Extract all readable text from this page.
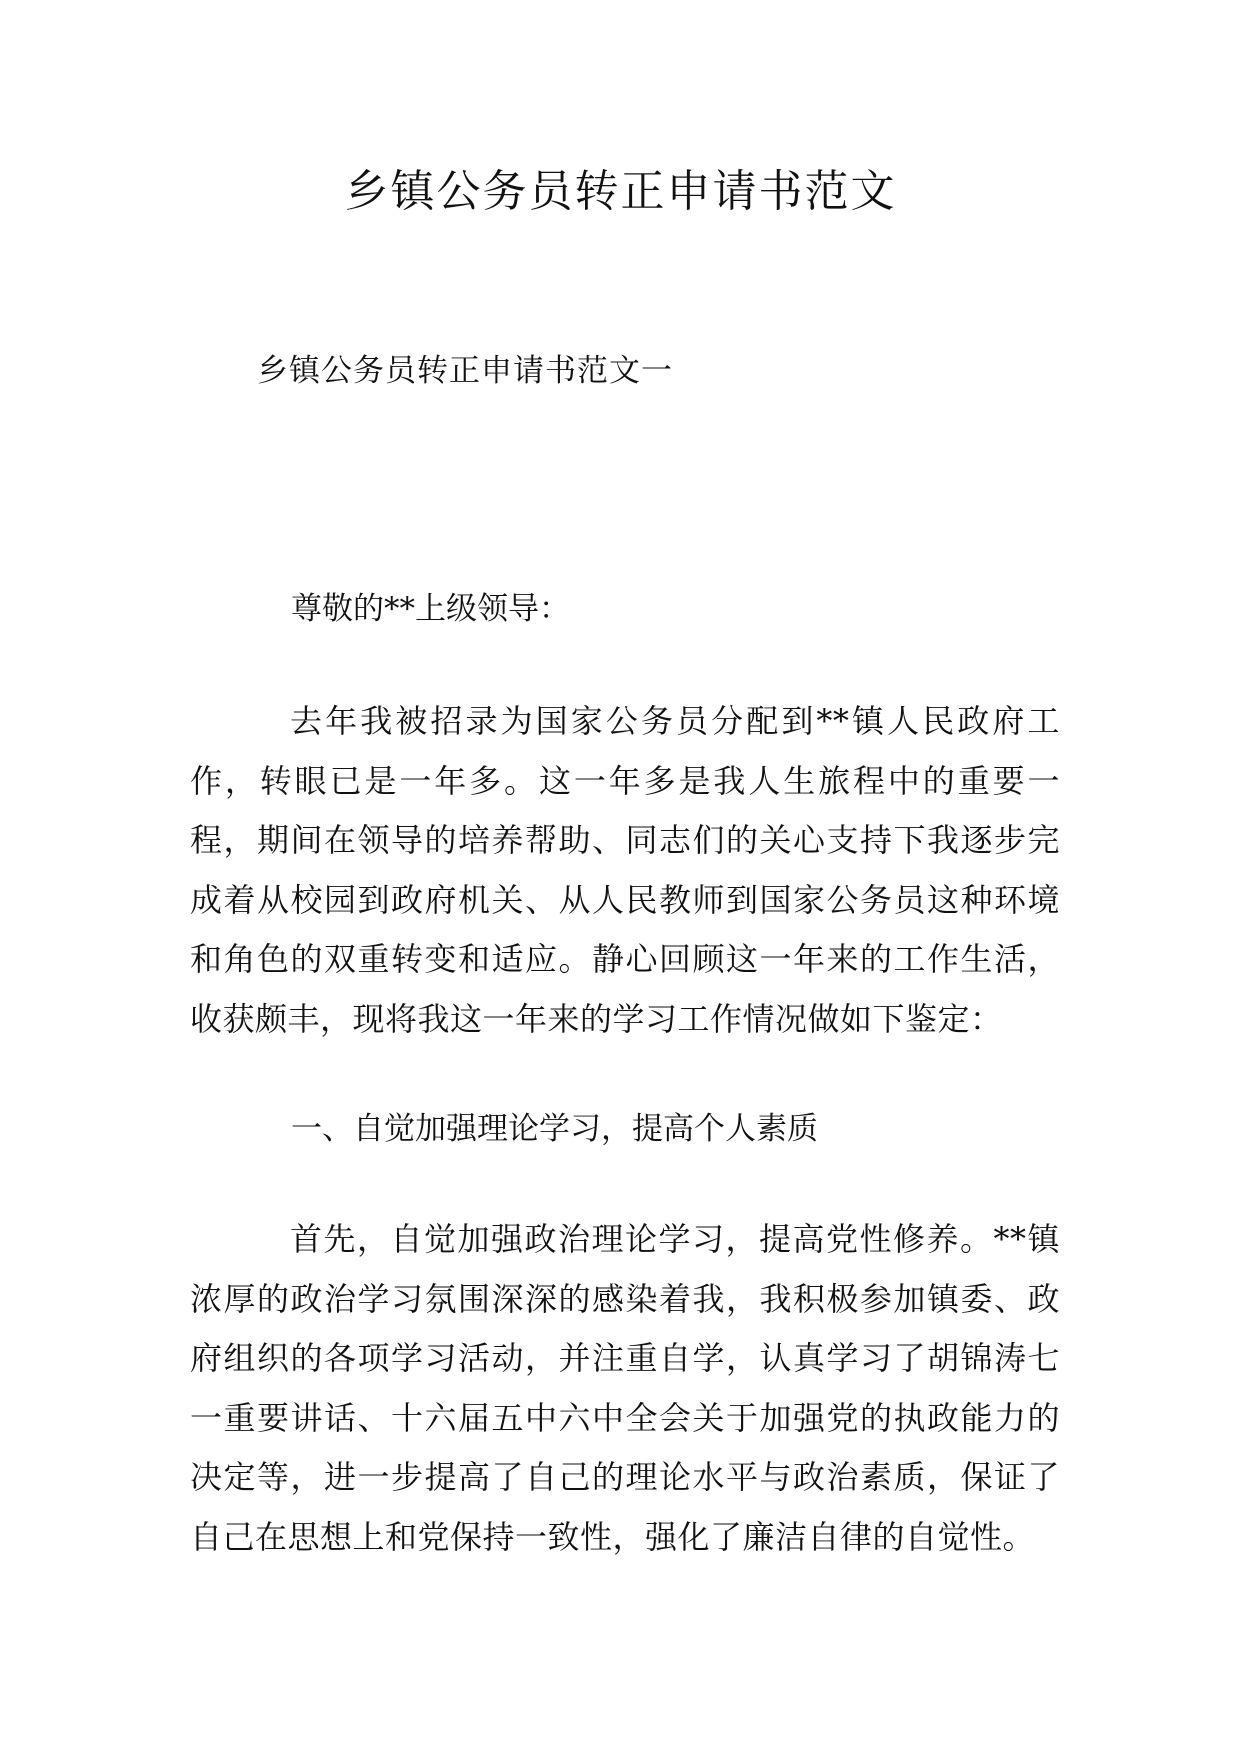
乡镇公务员转正申请书范文

乡镇公务员转正申请书范文一

尊敬的**上级领导：

去年我被招录为国家公务员分配到**镇人民政府工作，转眼已是一年多。这一年多是我人生旅程中的重要一程，期间在领导的培养帮助、同志们的关心支持下我逐步完成着从校园到政府机关、从人民教师到国家公务员这种环境和角色的双重转变和适应。静心回顾这一年来的工作生活，收获颇丰，现将我这一年来的学习工作情况做如下鉴定：

一、自觉加强理论学习，提高个人素质

首先，自觉加强政治理论学习，提高党性修养。**镇浓厚的政治学习氛围深深的感染着我，我积极参加镇委、政府组织的各项学习活动，并注重自学，认真学习了胡锦涛七一重要讲话、十六届五中六中全会关于加强党的执政能力的决定等，进一步提高了自己的理论水平与政治素质，保证了自己在思想上和党保持一致性，强化了廉洁自律的自觉性。
